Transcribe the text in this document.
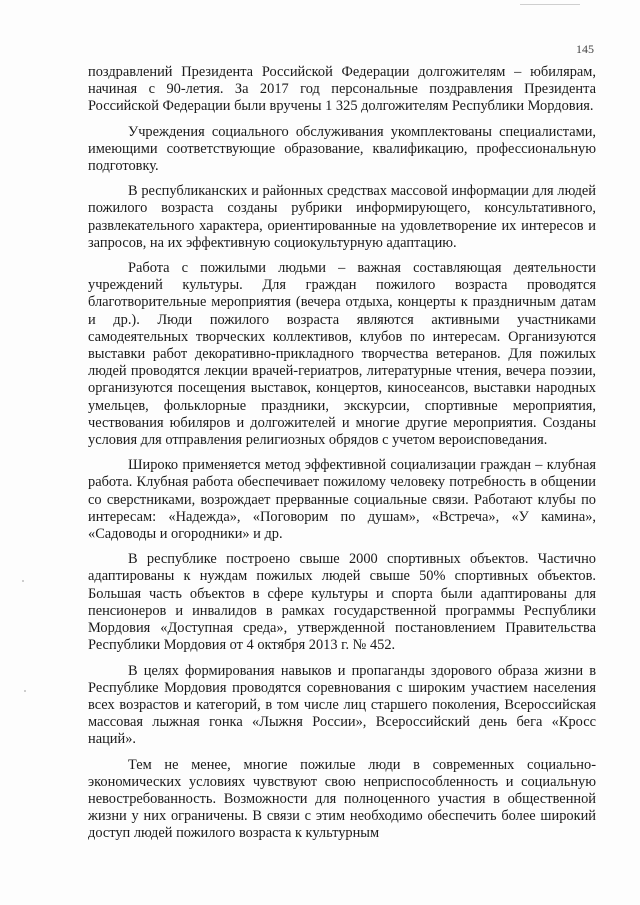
145

поздравлений Президента Российской Федерации долгожителям – юбилярам, начиная с 90-летия. За 2017 год персональные поздравления Президента Российской Федерации были вручены 1 325 долгожителям Республики Мордовия.

Учреждения социального обслуживания укомплектованы специалистами, имеющими соответствующие образование, квалификацию, профессиональную подготовку.

В республиканских и районных средствах массовой информации для людей пожилого возраста созданы рубрики информирующего, консультативного, развлекательного характера, ориентированные на удовлетворение их интересов и запросов, на их эффективную социокультурную адаптацию.

Работа с пожилыми людьми – важная составляющая деятельности учреждений культуры. Для граждан пожилого возраста проводятся благотворительные мероприятия (вечера отдыха, концерты к праздничным датам и др.). Люди пожилого возраста являются активными участниками самодеятельных творческих коллективов, клубов по интересам. Организуются выставки работ декоративно-прикладного творчества ветеранов. Для пожилых людей проводятся лекции врачей-гериатров, литературные чтения, вечера поэзии, организуются посещения выставок, концертов, киносеансов, выставки народных умельцев, фольклорные праздники, экскурсии, спортивные мероприятия, чествования юбиляров и долгожителей и многие другие мероприятия. Созданы условия для отправления религиозных обрядов с учетом вероисповедания.

Широко применяется метод эффективной социализации граждан – клубная работа. Клубная работа обеспечивает пожилому человеку потребность в общении со сверстниками, возрождает прерванные социальные связи. Работают клубы по интересам: «Надежда», «Поговорим по душам», «Встреча», «У камина», «Садоводы и огородники» и др.

В республике построено свыше 2000 спортивных объектов. Частично адаптированы к нуждам пожилых людей свыше 50% спортивных объектов. Большая часть объектов в сфере культуры и спорта были адаптированы для пенсионеров и инвалидов в рамках государственной программы Республики Мордовия «Доступная среда», утвержденной постановлением Правительства Республики Мордовия от 4 октября 2013 г. № 452.

В целях формирования навыков и пропаганды здорового образа жизни в Республике Мордовия проводятся соревнования с широким участием населения всех возрастов и категорий, в том числе лиц старшего поколения, Всероссийская массовая лыжная гонка «Лыжня России», Всероссийский день бега «Кросс наций».

Тем не менее, многие пожилые люди в современных социально-экономических условиях чувствуют свою неприспособленность и социальную невостребованность. Возможности для полноценного участия в общественной жизни у них ограничены. В связи с этим необходимо обеспечить более широкий доступ людей пожилого возраста к культурным
